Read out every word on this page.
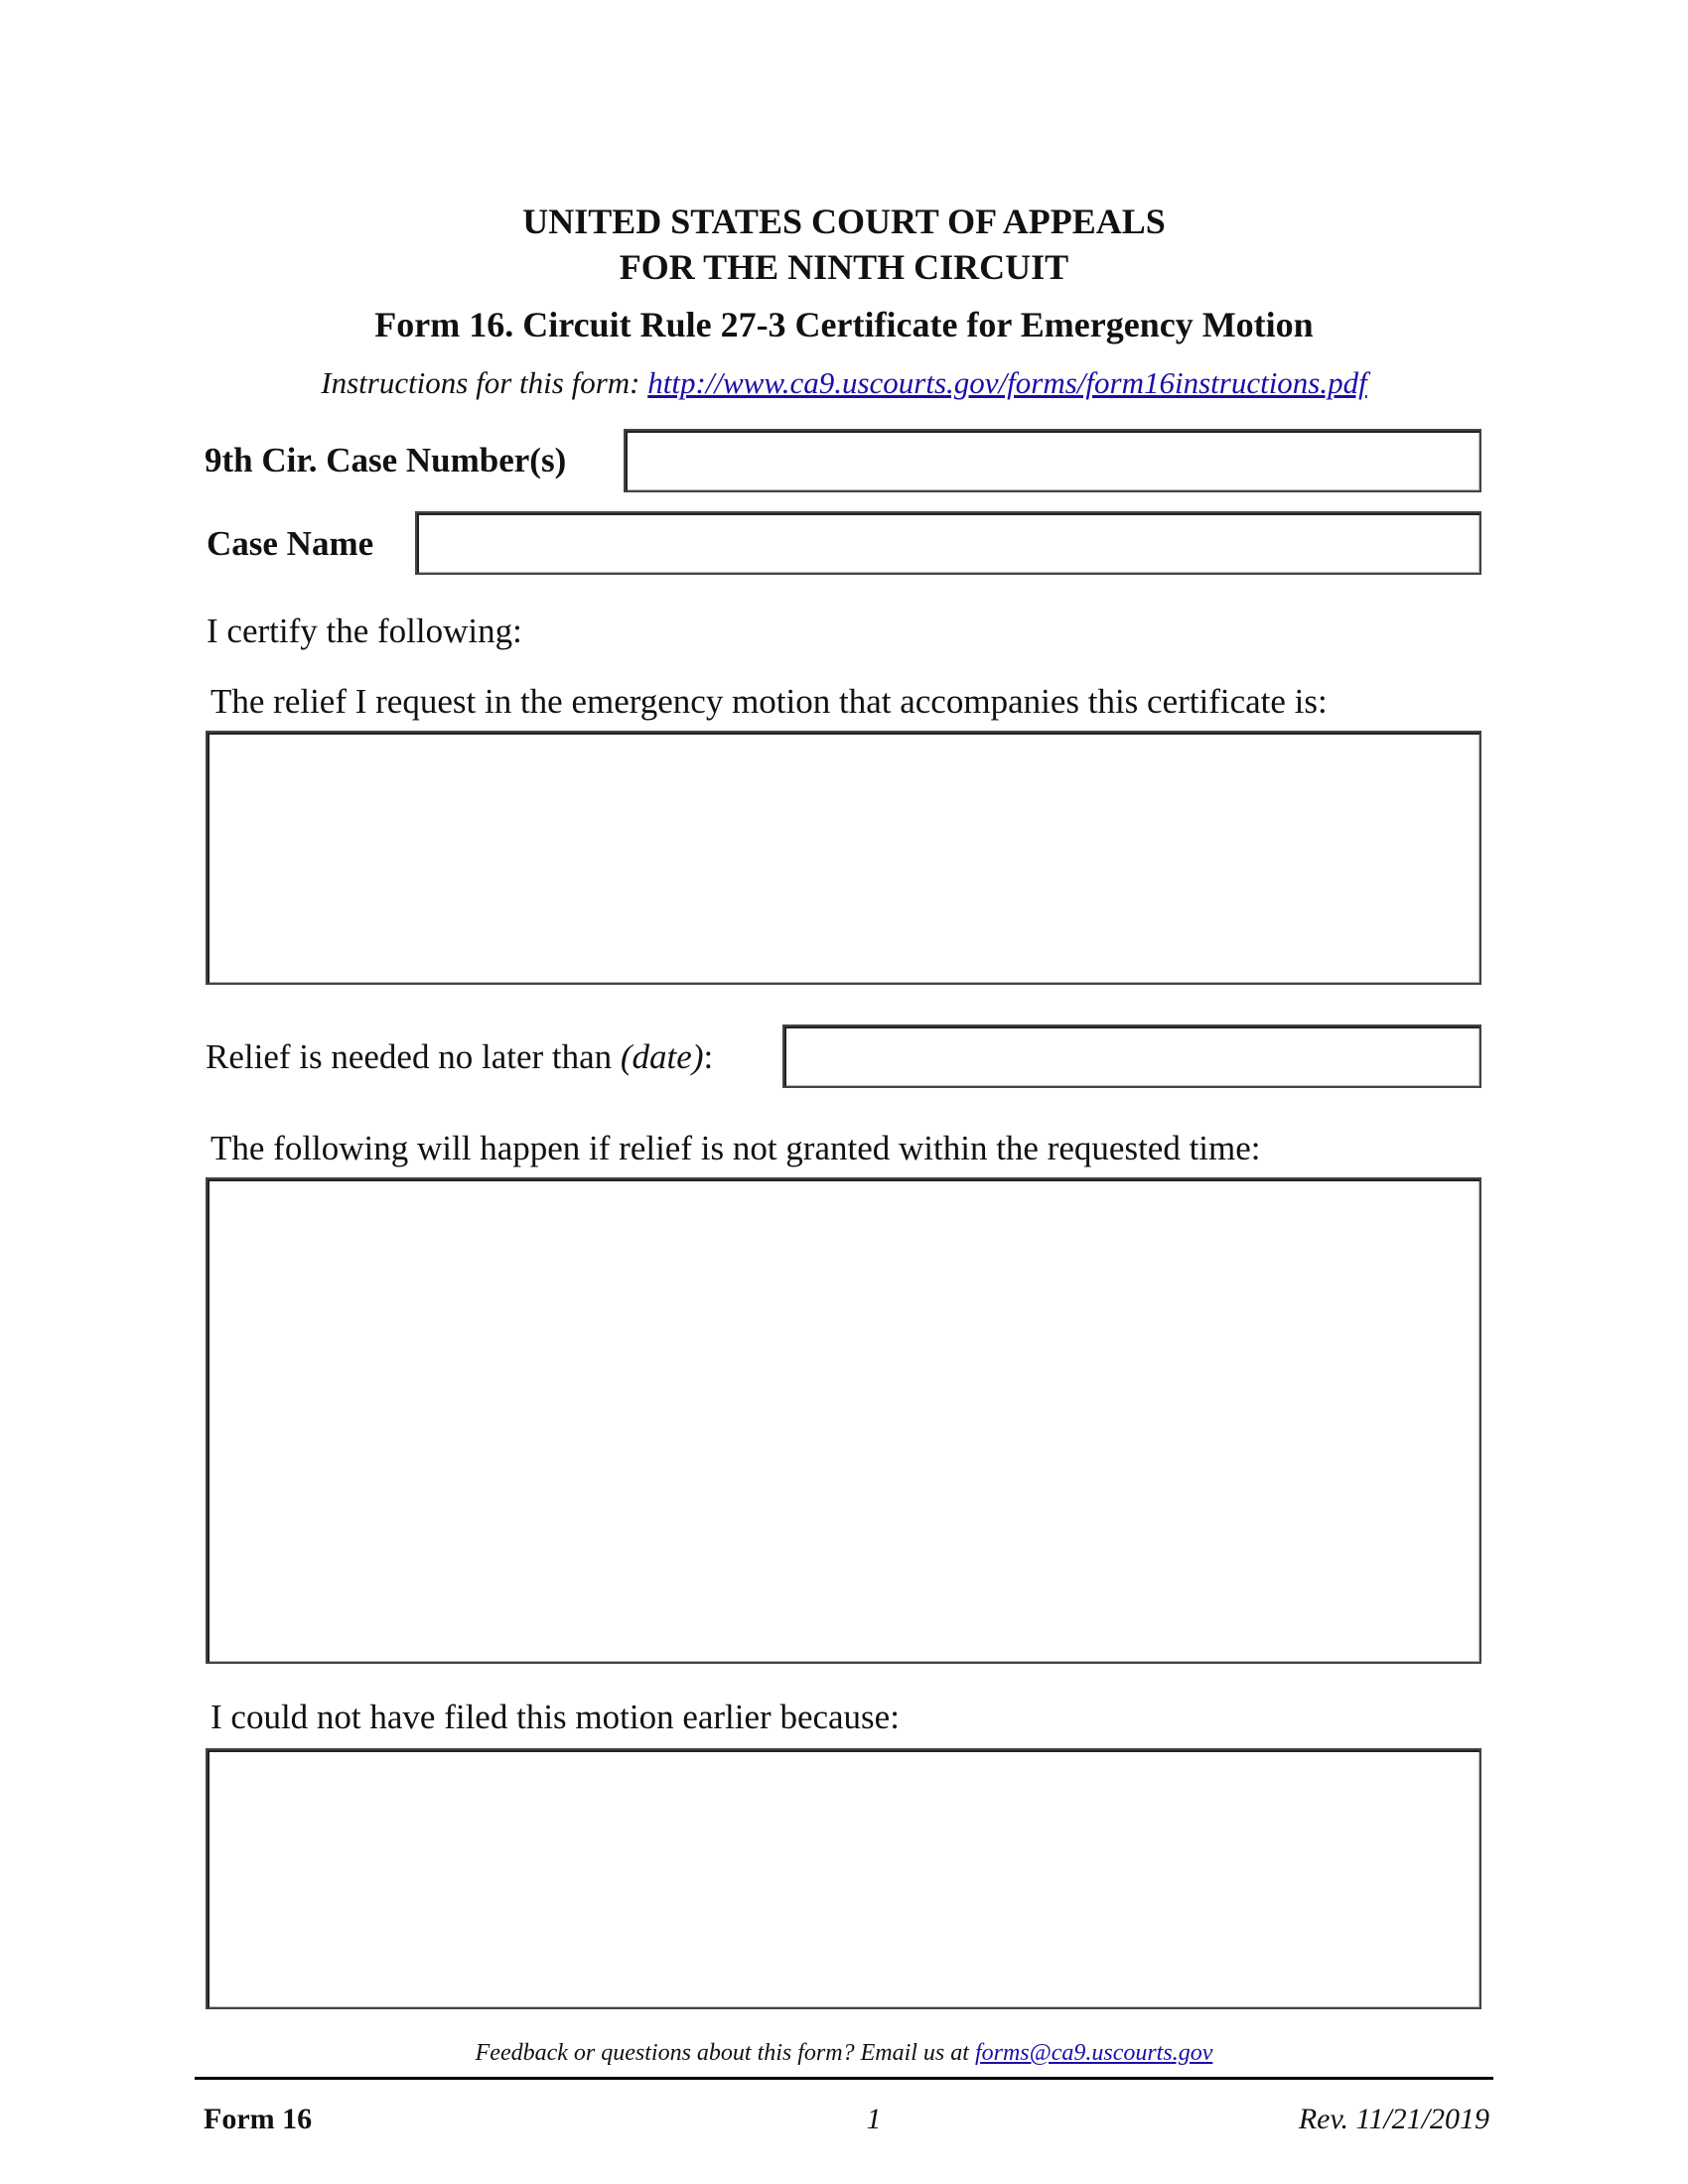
UNITED STATES COURT OF APPEALS
FOR THE NINTH CIRCUIT
Form 16. Circuit Rule 27-3 Certificate for Emergency Motion
Instructions for this form: http://www.ca9.uscourts.gov/forms/form16instructions.pdf
9th Cir. Case Number(s)
Case Name
I certify the following:
The relief I request in the emergency motion that accompanies this certificate is:
Relief is needed no later than (date):
The following will happen if relief is not granted within the requested time:
I could not have filed this motion earlier because:
Feedback or questions about this form? Email us at forms@ca9.uscourts.gov
Form 16	1	Rev. 11/21/2019
